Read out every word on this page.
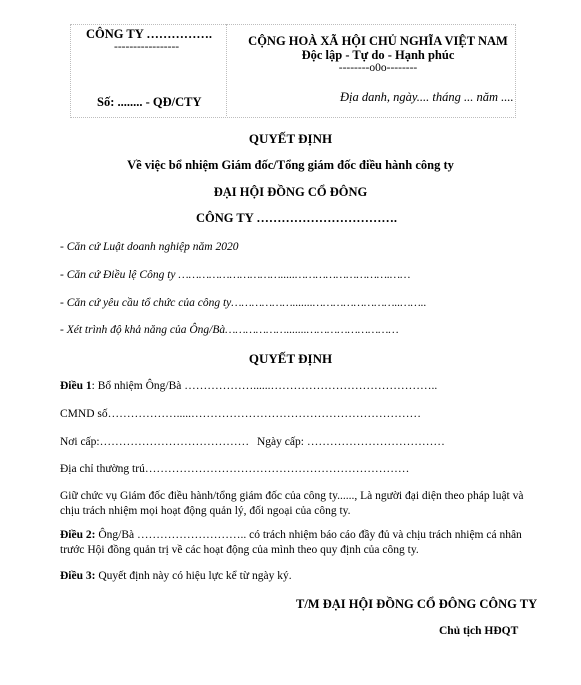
CÔNG TY …………….
-----------------
Số: ........ - QĐ/CTY
CỘNG HOÀ XÃ HỘI CHỦ NGHĨA VIỆT NAM
Độc lập - Tự do - Hạnh phúc
--------o0o--------
Địa danh, ngày.... tháng ... năm ....
QUYẾT ĐỊNH
Về việc bổ nhiệm Giám đốc/Tổng giám đốc điều hành công ty
ĐẠI HỘI ĐỒNG CỔ ĐÔNG
CÔNG TY …………………………….
- Căn cứ Luật doanh nghiệp năm 2020
- Căn cứ Điều lệ Công ty ………………………….....……………………….……
- Căn cứ yêu cầu tổ chức của công ty……………….......……………………..……..
- Xét trình độ khả năng của Ông/Bà……………….......………………………
QUYẾT ĐỊNH
Điều 1: Bổ nhiệm Ông/Bà ………………......……………………………………..
CMND số……………….....……………………………………………………
Nơi cấp:………………………………… Ngày cấp: ………………………………
Địa chỉ thường trú……………………………………………………………
Giữ chức vụ Giám đốc điều hành/tổng giám đốc của công ty......, Là người đại diện theo pháp luật và chịu trách nhiệm mọi hoạt động quản lý, đối ngoại của công ty.
Điều 2: Ông/Bà ……………………….. có trách nhiệm báo cáo đầy đủ và chịu trách nhiệm cá nhân trước Hội đồng quản trị về các hoạt động của mình theo quy định của công ty.
Điều 3: Quyết định này có hiệu lực kể từ ngày ký.
T/M ĐẠI HỘI ĐỒNG CỔ ĐÔNG CÔNG TY
Chủ tịch HĐQT
